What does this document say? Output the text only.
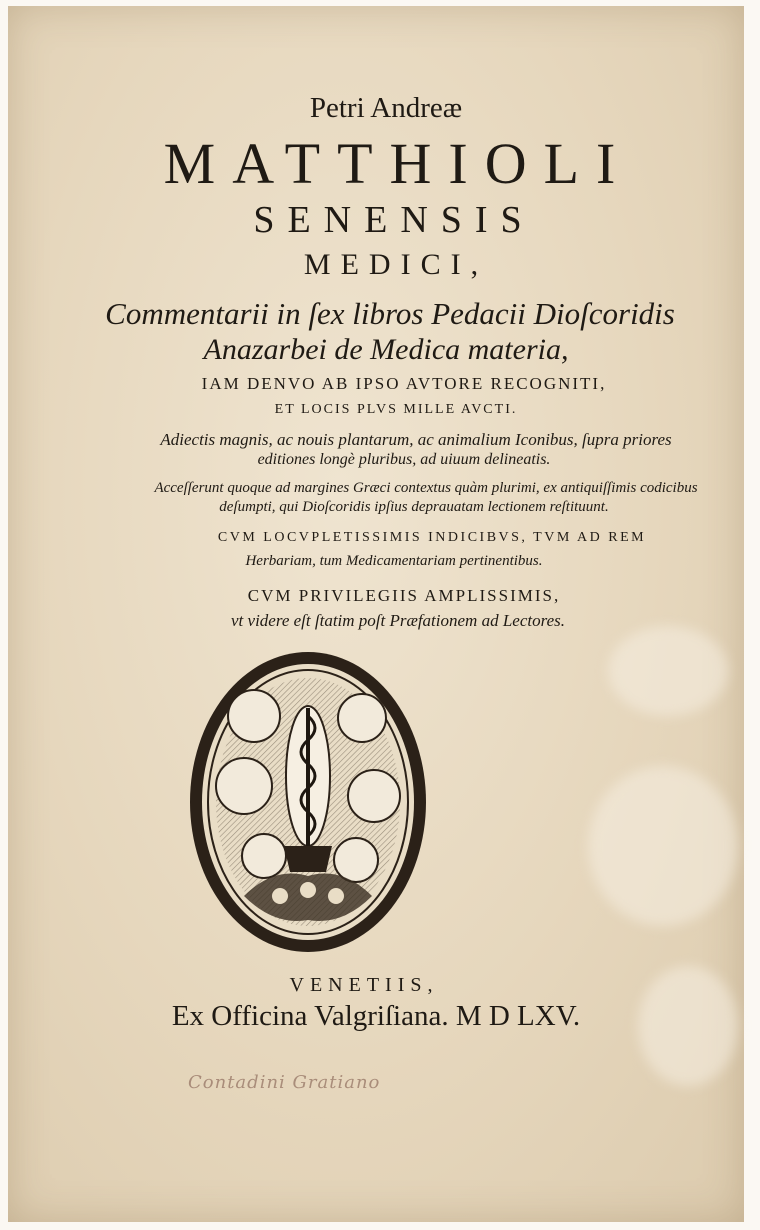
Petri Andreæ
MATTHIOLI
SENENSIS
MEDICI,
Commentarii in ſex libros Pedacii Dioſcoridis
Anazarbei de Medica materia,
IAM DENVO AB IPSO AVTORE RECOGNITI,
ET LOCIS PLVS MILLE AVCTI.
Adiectis magnis, ac nouis plantarum, ac animalium Iconibus, ſupra priores
editiones longè pluribus, ad uiuum delineatis.
Acceſſerunt quoque ad margines Græci contextus quàm plurimi, ex antiquiſſimis codicibus
deſumpti, qui Dioſcoridis ipſius deprauatam lectionem reſtituunt.
CVM LOCVPLETISSIMIS INDICIBVS, TVM AD REM
Herbariam, tum Medicamentariam pertinentibus.
CVM PRIVILEGIIS AMPLISSIMIS,
vt videre eſt ſtatim poſt Præfationem ad Lectores.
VENETIIS,
Ex Officina Valgriſiana. M D LXV.
Contadini Gratiano
